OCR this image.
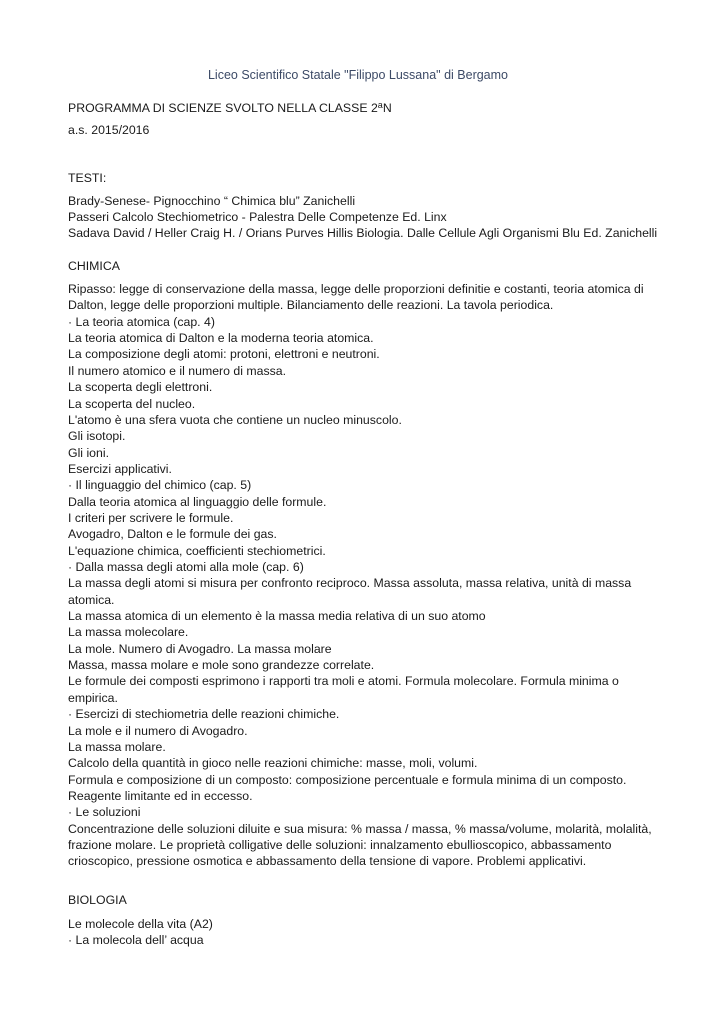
Liceo Scientifico Statale "Filippo Lussana" di Bergamo
PROGRAMMA DI SCIENZE SVOLTO NELLA CLASSE 2$^a$N
a.s. 2015/2016
TESTI:
Brady-Senese- Pignocchino “ Chimica blu” Zanichelli
Passeri Calcolo Stechiometrico - Palestra Delle Competenze Ed. Linx
Sadava David / Heller Craig H. / Orians Purves Hillis Biologia. Dalle Cellule Agli Organismi Blu Ed. Zanichelli
CHIMICA
Ripasso: legge di conservazione della massa, legge delle proporzioni definitie e costanti, teoria atomica di
Dalton, legge delle proporzioni multiple. Bilanciamento delle reazioni. La tavola periodica.
· La teoria atomica (cap. 4)
La teoria atomica di Dalton e la moderna teoria atomica.
La composizione degli atomi: protoni, elettroni e neutroni.
Il numero atomico e il numero di massa.
La scoperta degli elettroni.
La scoperta del nucleo.
L'atomo è una sfera vuota che contiene un nucleo minuscolo.
Gli isotopi.
Gli ioni.
Esercizi applicativi.
· Il linguaggio del chimico (cap. 5)
Dalla teoria atomica al linguaggio delle formule.
I criteri per scrivere le formule.
Avogadro, Dalton e le formule dei gas.
L'equazione chimica, coefficienti stechiometrici.
· Dalla massa degli atomi alla mole (cap. 6)
La massa degli atomi si misura per confronto reciproco. Massa assoluta, massa relativa, unità di massa
atomica.
La massa atomica di un elemento è la massa media relativa di un suo atomo
La massa molecolare.
La mole. Numero di Avogadro. La massa molare
Massa, massa molare e mole sono grandezze correlate.
Le formule dei composti esprimono i rapporti tra moli e atomi. Formula molecolare. Formula minima o
empirica.
· Esercizi di stechiometria delle reazioni chimiche.
La mole e il numero di Avogadro.
La massa molare.
Calcolo della quantità in gioco nelle reazioni chimiche: masse, moli, volumi.
Formula e composizione di un composto: composizione percentuale e formula minima di un composto.
Reagente limitante ed in eccesso.
· Le soluzioni
Concentrazione delle soluzioni diluite e sua misura: % massa / massa, % massa/volume, molarità, molalità,
frazione molare. Le proprietà colligative delle soluzioni: innalzamento ebullioscopico, abbassamento
crioscopico, pressione osmotica e abbassamento della tensione di vapore. Problemi applicativi.
BIOLOGIA
Le molecole della vita (A2)
· La molecola dell’ acqua
